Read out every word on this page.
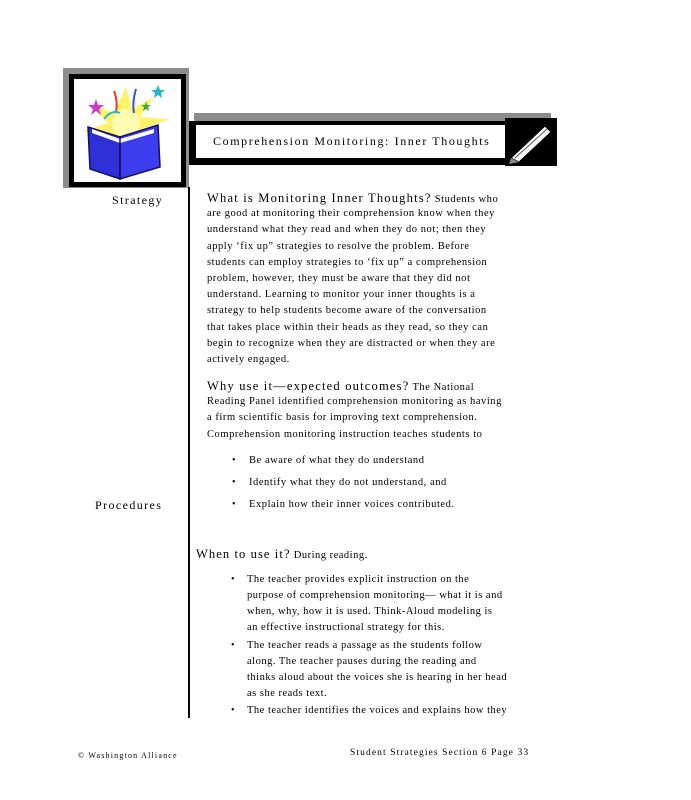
Comprehension Monitoring: Inner Thoughts
Strategy
Procedures
What is Monitoring Inner Thoughts? Students who
are good at monitoring their comprehension know when they
understand what they read and when they do not; then they
apply ‘fix up” strategies to resolve the problem. Before
students can employ strategies to ‘fix up” a comprehension
problem, however, they must be aware that they did not
understand. Learning to monitor your inner thoughts is a
strategy to help students become aware of the conversation
that takes place within their heads as they read, so they can
begin to recognize when they are distracted or when they are
actively engaged.
Why use it—expected outcomes? The National
Reading Panel identified comprehension monitoring as having
a firm scientific basis for improving text comprehension.
Comprehension monitoring instruction teaches students to
• Be aware of what they do understand
• Identify what they do not understand, and
• Explain how their inner voices contributed.
When to use it? During reading.
• The teacher provides explicit instruction on the
purpose of comprehension monitoring— what it is and
when, why, how it is used. Think-Aloud modeling is
an effective instructional strategy for this.
• The teacher reads a passage as the students follow
along. The teacher pauses during the reading and
thinks aloud about the voices she is hearing in her head
as she reads text.
• The teacher identifies the voices and explains how they
© Washington Alliance	Student Strategies Section 6 Page 33
